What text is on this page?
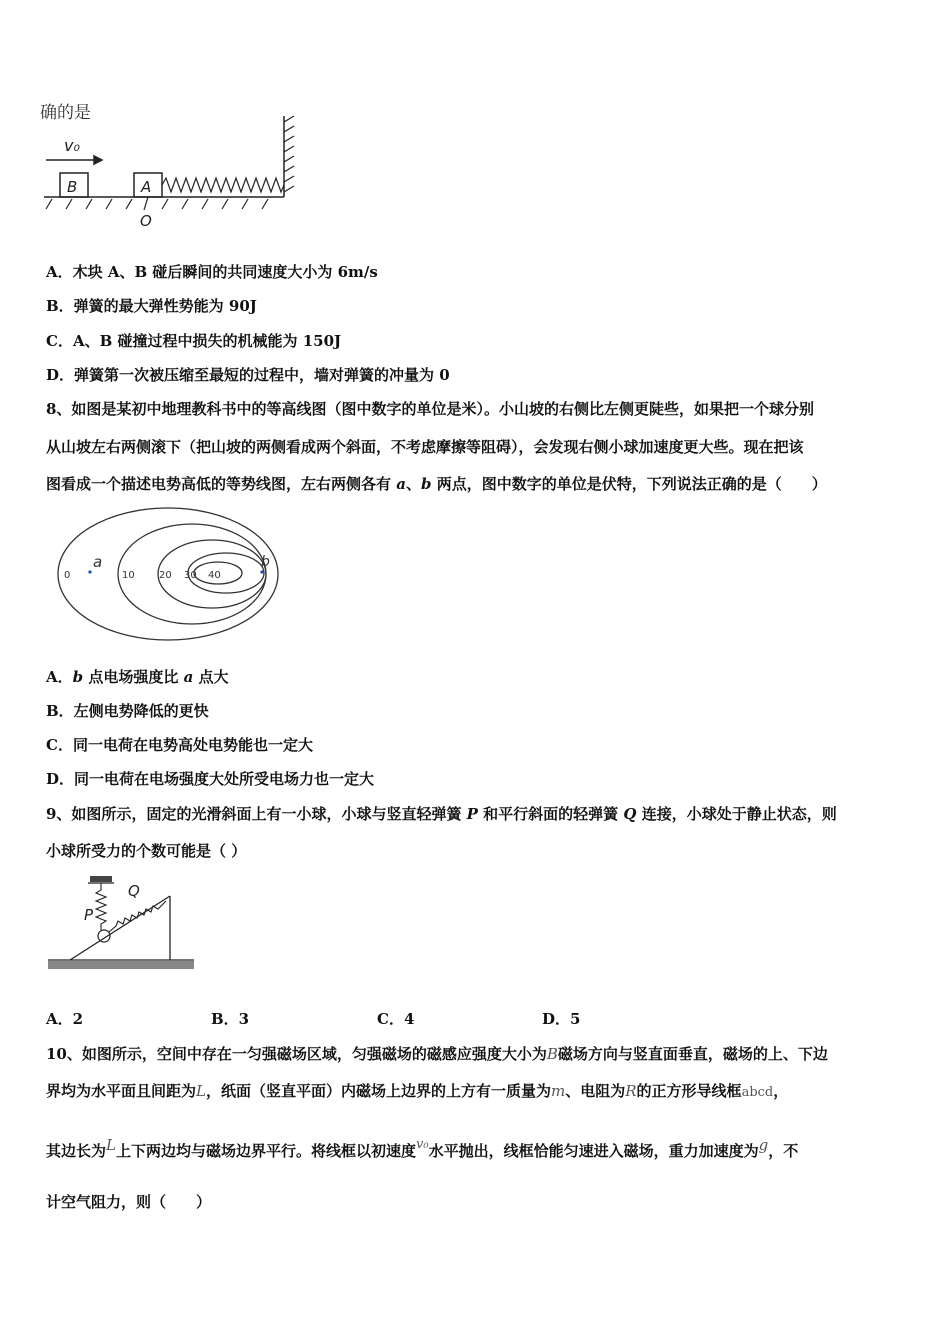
确的是
v₀
B	A
O
A．木块 A、B 碰后瞬间的共同速度大小为 6m/s
B．弹簧的最大弹性势能为 90J
C．A、B 碰撞过程中损失的机械能为 150J
D．弹簧第一次被压缩至最短的过程中，墙对弹簧的冲量为 0
8、如图是某初中地理教科书中的等高线图（图中数字的单位是米）。小山坡的右侧比左侧更陡些，如果把一个球分别
从山坡左右两侧滚下（把山坡的两侧看成两个斜面，不考虑摩擦等阻碍），会发现右侧小球加速度更大些。现在把该
图看成一个描述电势高低的等势线图，左右两侧各有 a、b 两点，图中数字的单位是伏特，下列说法正确的是（　　）
0	10 20 30 40
a	b
A．b 点电场强度比 a 点大
B．左侧电势降低的更快
C．同一电荷在电势高处电势能也一定大
D．同一电荷在电场强度大处所受电场力也一定大
9、如图所示，固定的光滑斜面上有一小球，小球与竖直轻弹簧 P 和平行斜面的轻弹簧 Q 连接，小球处于静止状态，则
小球所受力的个数可能是（ ）
P
Q
A．2	B．3	C．4	D．5
10、如图所示，空间中存在一匀强磁场区域，匀强磁场的磁感应强度大小为B磁场方向与竖直面垂直，磁场的上、下边
界均为水平面且间距为L，纸面（竖直平面）内磁场上边界的上方有一质量为m、电阻为R的正方形导线框abcd，
其边长为L上下两边均与磁场边界平行。将线框以初速度v₀水平抛出，线框恰能匀速进入磁场，重力加速度为g，不
计空气阻力，则（　　）
